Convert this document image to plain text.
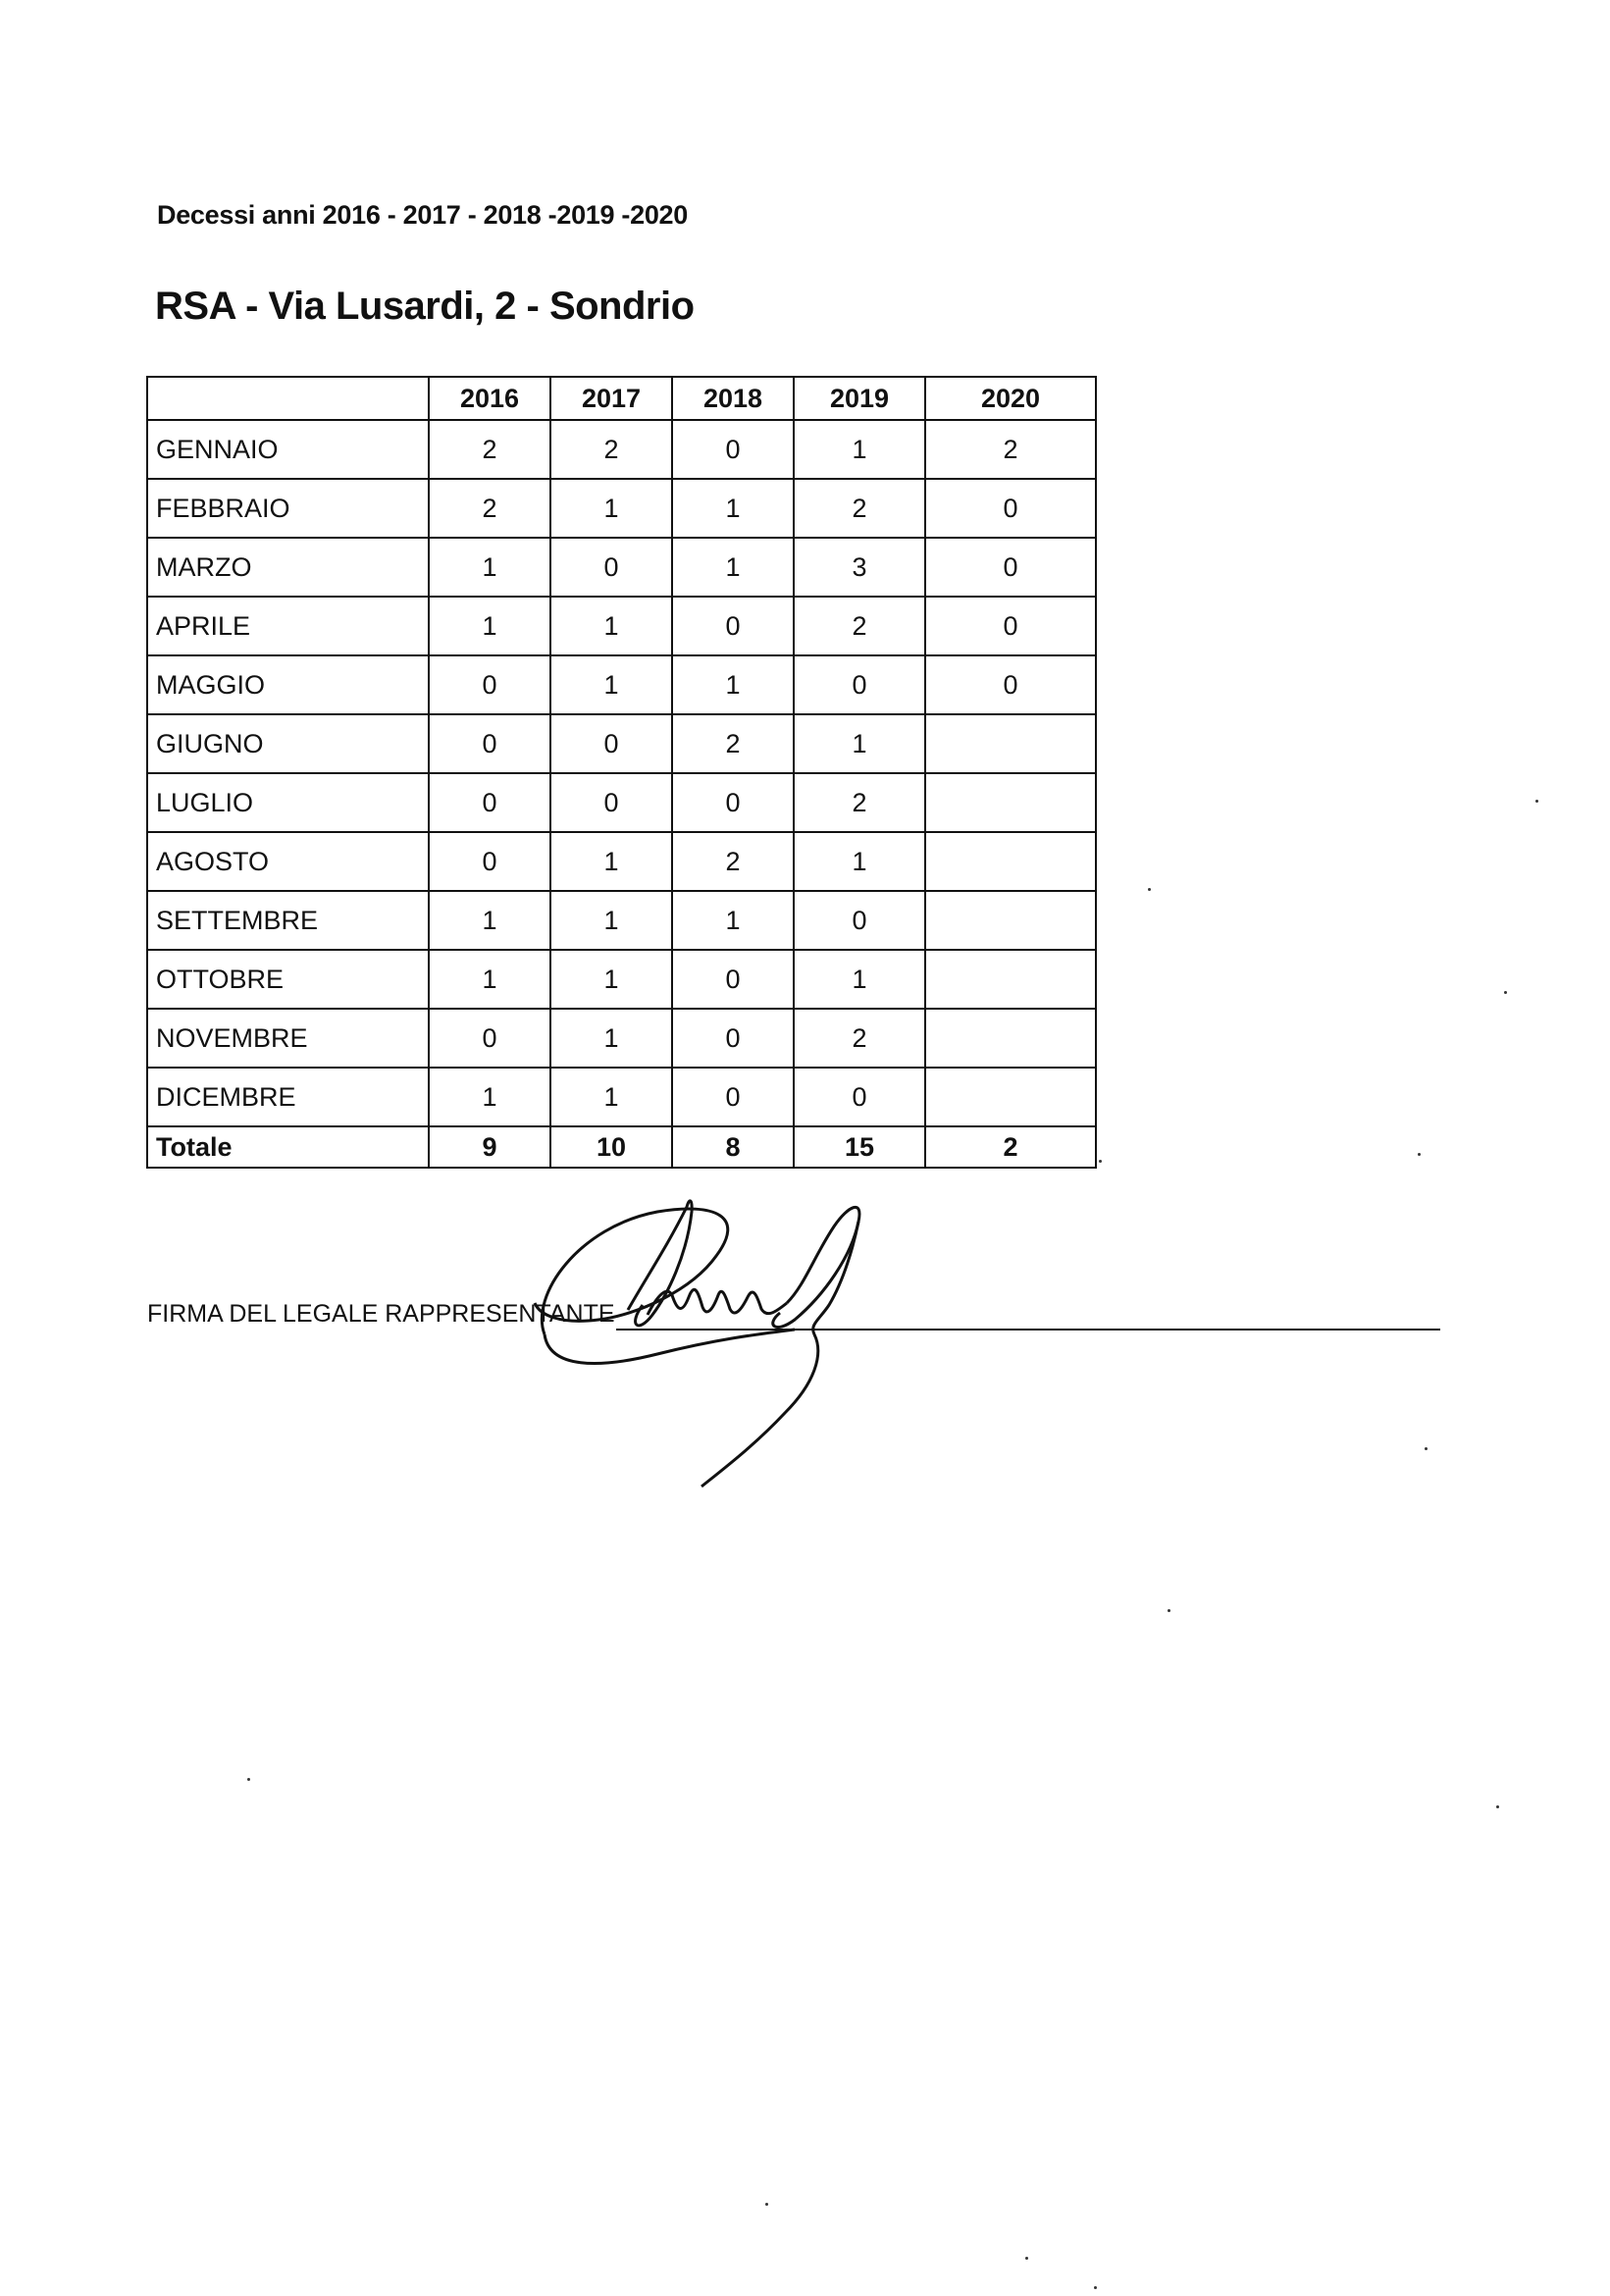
Decessi anni 2016 - 2017 - 2018 -2019 -2020
RSA - Via Lusardi, 2 - Sondrio
	2016	2017	2018	2019	2020
GENNAIO	2	2	0	1	2
FEBBRAIO	2	1	1	2	0
MARZO	1	0	1	3	0
APRILE	1	1	0	2	0
MAGGIO	0	1	1	0	0
GIUGNO	0	0	2	1	
LUGLIO	0	0	0	2	
AGOSTO	0	1	2	1	
SETTEMBRE	1	1	1	0	
OTTOBRE	1	1	0	1	
NOVEMBRE	0	1	0	2	
DICEMBRE	1	1	0	0	
Totale	9	10	8	15	2
FIRMA DEL LEGALE RAPPRESENTANTE
